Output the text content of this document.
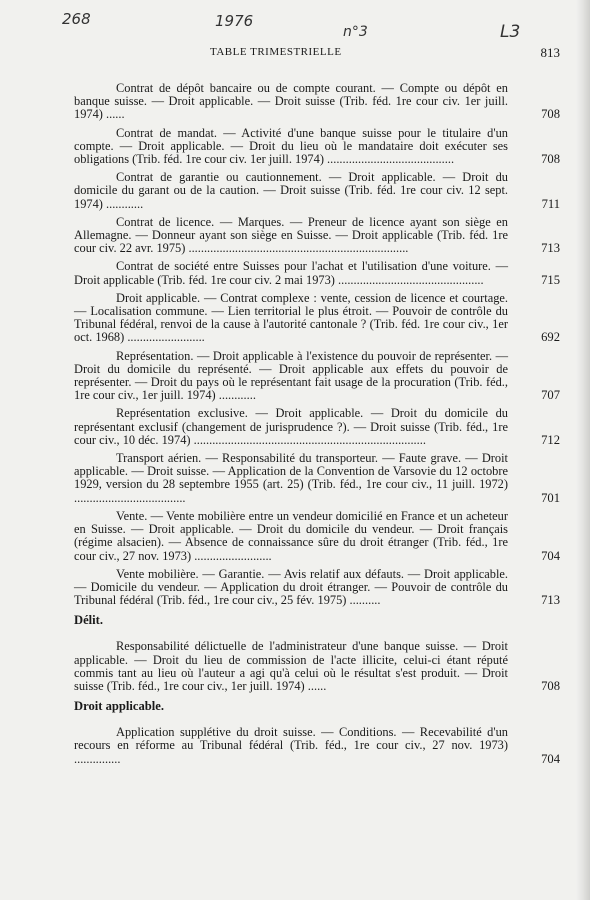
268	1976
n°3	L3
TABLE TRIMESTRIELLE	813
Contrat de dépôt bancaire ou de compte courant. — Compte ou dépôt en banque suisse. — Droit applicable. — Droit suisse (Trib. féd. 1re cour civ. 1er juill. 1974) ......	708
Contrat de mandat. — Activité d'une banque suisse pour le titulaire d'un compte. — Droit applicable. — Droit du lieu où le mandataire doit exécuter ses obligations (Trib. féd. 1re cour civ. 1er juill. 1974) .........................................	708
Contrat de garantie ou cautionnement. — Droit applicable. — Droit du domicile du garant ou de la caution. — Droit suisse (Trib. féd. 1re cour civ. 12 sept. 1974) ............	711
Contrat de licence. — Marques. — Preneur de licence ayant son siège en Allemagne. — Donneur ayant son siège en Suisse. — Droit applicable (Trib. féd. 1re cour civ. 22 avr. 1975) .......................................................................	713
Contrat de société entre Suisses pour l'achat et l'utilisation d'une voiture. — Droit applicable (Trib. féd. 1re cour civ. 2 mai 1973) ...............................................	715
Droit applicable. — Contrat complexe : vente, cession de licence et courtage. — Localisation commune. — Lien territorial le plus étroit. — Pouvoir de contrôle du Tribunal fédéral, renvoi de la cause à l'autorité cantonale ? (Trib. féd. 1re cour civ., 1er oct. 1968) .........................	692
Représentation. — Droit applicable à l'existence du pouvoir de représenter. — Droit du domicile du représenté. — Droit applicable aux effets du pouvoir de représenter. — Droit du pays où le représentant fait usage de la procuration (Trib. féd., 1re cour civ., 1er juill. 1974) ............	707
Représentation exclusive. — Droit applicable. — Droit du domicile du représentant exclusif (changement de jurisprudence ?). — Droit suisse (Trib. féd., 1re cour civ., 10 déc. 1974) ...........................................................................	712
Transport aérien. — Responsabilité du transporteur. — Faute grave. — Droit applicable. — Droit suisse. — Application de la Convention de Varsovie du 12 octobre 1929, version du 28 septembre 1955 (art. 25) (Trib. féd., 1re cour civ., 11 juill. 1972) ....................................	701
Vente. — Vente mobilière entre un vendeur domicilié en France et un acheteur en Suisse. — Droit applicable. — Droit du domicile du vendeur. — Droit français (régime alsacien). — Absence de connaissance sûre du droit étranger (Trib. féd., 1re cour civ., 27 nov. 1973) .........................	704
Vente mobilière. — Garantie. — Avis relatif aux défauts. — Droit applicable. — Domicile du vendeur. — Application du droit étranger. — Pouvoir de contrôle du Tribunal fédéral (Trib. féd., 1re cour civ., 25 fév. 1975) ..........	713
Délit.
Responsabilité délictuelle de l'administrateur d'une banque suisse. — Droit applicable. — Droit du lieu de commission de l'acte illicite, celui-ci étant réputé commis tant au lieu où l'auteur a agi qu'à celui où le résultat s'est produit. — Droit suisse (Trib. féd., 1re cour civ., 1er juill. 1974) ......	708
Droit applicable.
Application supplétive du droit suisse. — Conditions. — Recevabilité d'un recours en réforme au Tribunal fédéral (Trib. féd., 1re cour civ., 27 nov. 1973) ...............	704
